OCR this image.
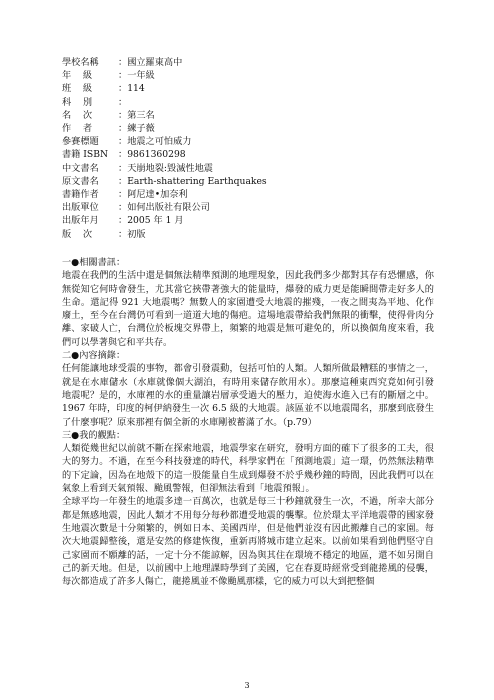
學校名稱	： 國立羅東高中
年    級	： 一年級
班    級	： 114
科    別	：
名    次	： 第三名
作    者	： 練子薇
參賽標題	： 地震之可怕威力
書籍 ISBN	： 9861360298
中文書名	： 天崩地裂:毀滅性地震
原文書名	： Earth-shattering Earthquakes
書籍作者	： 阿尼達•加奈利
出版單位	： 如何出版社有限公司
出版年月	： 2005 年 1 月
版    次	： 初版

一●相關書訊：

地震在我們的生活中還是個無法精準預測的地理現象，因此我們多少都對其存有恐懼感，你無從知它何時會發生，尤其當它挾帶著強大的能量時，爆發的威力更是能瞬間帶走好多人的生命。還記得 921 大地震嗎？無數人的家園遭受大地震的摧殘，一夜之間夷為平地、化作廢土，至今在台灣仍可看到一道道大地的傷疤。這場地震帶給我們無限的衝擊，使得骨肉分離、家破人亡，台灣位於板塊交界帶上，頻繁的地震是無可避免的，所以換個角度來看，我們可以學著與它和平共存。

二●內容摘錄：

任何能讓地球受震的事物，都會引發震動，包括可怕的人類。人類所做最糟糕的事情之一，就是在水庫儲水（水庫就像個大湖泊，有時用來儲存飲用水）。那麼這種東西究竟如何引發地震呢？是的，水庫裡的水的重量讓岩層承受過大的壓力，迫使海水進入已有的斷層之中。1967 年時，印度的柯伊納發生一次 6.5 級的大地震。該區並不以地震聞名，那麼到底發生了什麼事呢？原來那裡有個全新的水庫剛被蓄滿了水。（p.79）

三●我的觀點：

人類從幾世紀以前就不斷在探索地震，地震學家在研究，發明方面的確下了很多的工夫，很大的努力。不過，在至今科技發達的時代，科學家們在「預測地震」這一環，仍然無法精準的下定論，因為在地殼下的這一股能量自生成到爆發不於乎幾秒鐘的時間，因此我們可以在氣象上看到天氣預報、颱風警報，但卻無法看到「地震預報」。

全球平均一年發生的地震多達一百萬次，也就是每三十秒鐘就發生一次，不過，所幸大部分都是無感地震，因此人類才不用每分每秒都遭受地震的襲擊。位於環太平洋地震帶的國家發生地震次數是十分頻繁的，例如日本、美國西岸，但是他們並沒有因此搬離自己的家園。每次大地震歸整後，還是安然的修建恢復，重新再將城市建立起來。以前如果看到他們堅守自己家園而不願離的話，一定十分不能諒解，因為與其住在環境不穩定的地區，還不如另開自己的新天地。但是，以前國中上地理課時學到了美國，它在春夏時經常受到龍捲風的侵襲，每次都造成了許多人傷亡，龍捲風並不像颱風那樣，它的威力可以大到把整個

3
